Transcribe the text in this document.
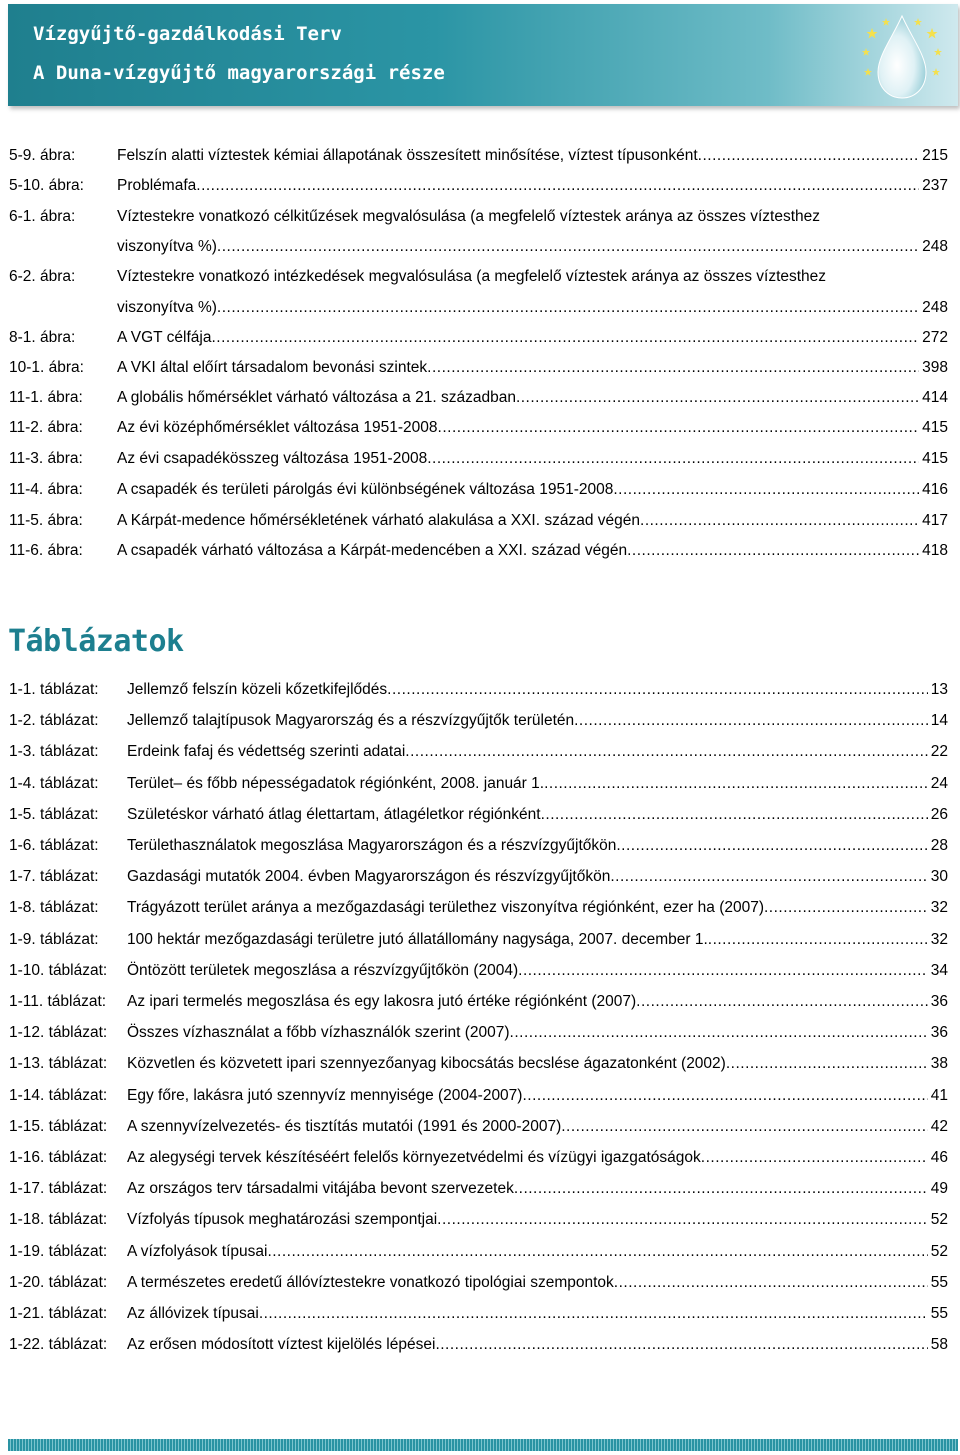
Vízgyűjtő-gazdálkodási Terv
A Duna-vízgyűjtő magyarországi része
5-9. ábra:	Felszín alatti víztestek kémiai állapotának összesített minősítése, víztest típusonként .....	215
5-10. ábra: Problémafa .....	237
6-1. ábra:	Víztestekre vonatkozó célkitűzések megvalósulása (a megfelelő víztestek aránya az összes víztesthez
viszonyítva %) .....	248
6-2. ábra:	Víztestekre vonatkozó intézkedések megvalósulása (a megfelelő víztestek aránya az összes víztesthez
viszonyítva %) .....	248
8-1. ábra:	A VGT célfája .....	272
10-1. ábra: A VKI által előírt társadalom bevonási szintek .....	398
11-1. ábra: A globális hőmérséklet várható változása a 21. században .....	414
11-2. ábra: Az évi középhőmérséklet változása 1951-2008 .....	415
11-3. ábra: Az évi csapadékösszeg változása 1951-2008 .....	415
11-4. ábra: A csapadék és területi párolgás évi különbségének változása 1951-2008 .....	416
11-5. ábra: A Kárpát-medence hőmérsékletének várható alakulása a XXI. század végén .....	417
11-6. ábra: A csapadék várható változása a Kárpát-medencében a XXI. század végén .....	418
Táblázatok
1-1. táblázat: Jellemző felszín közeli kőzetkifejlődés .....	13
1-2. táblázat: Jellemző talajtípusok Magyarország és a részvízgyűjtők területén .....	14
1-3. táblázat: Erdeink fafaj és védettség szerinti adatai .....	22
1-4. táblázat: Terület– és főbb népességadatok régiónként, 2008. január 1. .....	24
1-5. táblázat: Születéskor várható átlag élettartam, átlagéletkor régiónként .....	26
1-6. táblázat: Területhasználatok megoszlása Magyarországon és a részvízgyűjtőkön .....	28
1-7. táblázat: Gazdasági mutatók 2004. évben Magyarországon és részvízgyűjtőkön .....	30
1-8. táblázat: Trágyázott terület aránya a mezőgazdasági területhez viszonyítva régiónként, ezer ha (2007) .....	32
1-9. táblázat: 100 hektár mezőgazdasági területre jutó állatállomány nagysága, 2007. december 1. .....	32
1-10. táblázat: Öntözött területek megoszlása a részvízgyűjtőkön (2004) .....	34
1-11. táblázat: Az ipari termelés megoszlása és egy lakosra jutó értéke régiónként (2007) .....	36
1-12. táblázat: Összes vízhasználat a főbb vízhasználók szerint (2007) .....	36
1-13. táblázat: Közvetlen és közvetett ipari szennyezőanyag kibocsátás becslése ágazatonként (2002) .....	38
1-14. táblázat: Egy főre, lakásra jutó szennyvíz mennyisége (2004-2007) .....	41
1-15. táblázat: A szennyvízelvezetés- és tisztítás mutatói (1991 és 2000-2007) .....	42
1-16. táblázat: Az alegységi tervek készítéséért felelős környezetvédelmi és vízügyi igazgatóságok .....	46
1-17. táblázat: Az országos terv társadalmi vitájába bevont szervezetek .....	49
1-18. táblázat: Vízfolyás típusok meghatározási szempontjai .....	52
1-19. táblázat: A vízfolyások típusai .....	52
1-20. táblázat: A természetes eredetű állóvíztestekre vonatkozó tipológiai szempontok .....	55
1-21. táblázat: Az állóvizek típusai .....	55
1-22. táblázat: Az erősen módosított víztest kijelölés lépései .....	58
